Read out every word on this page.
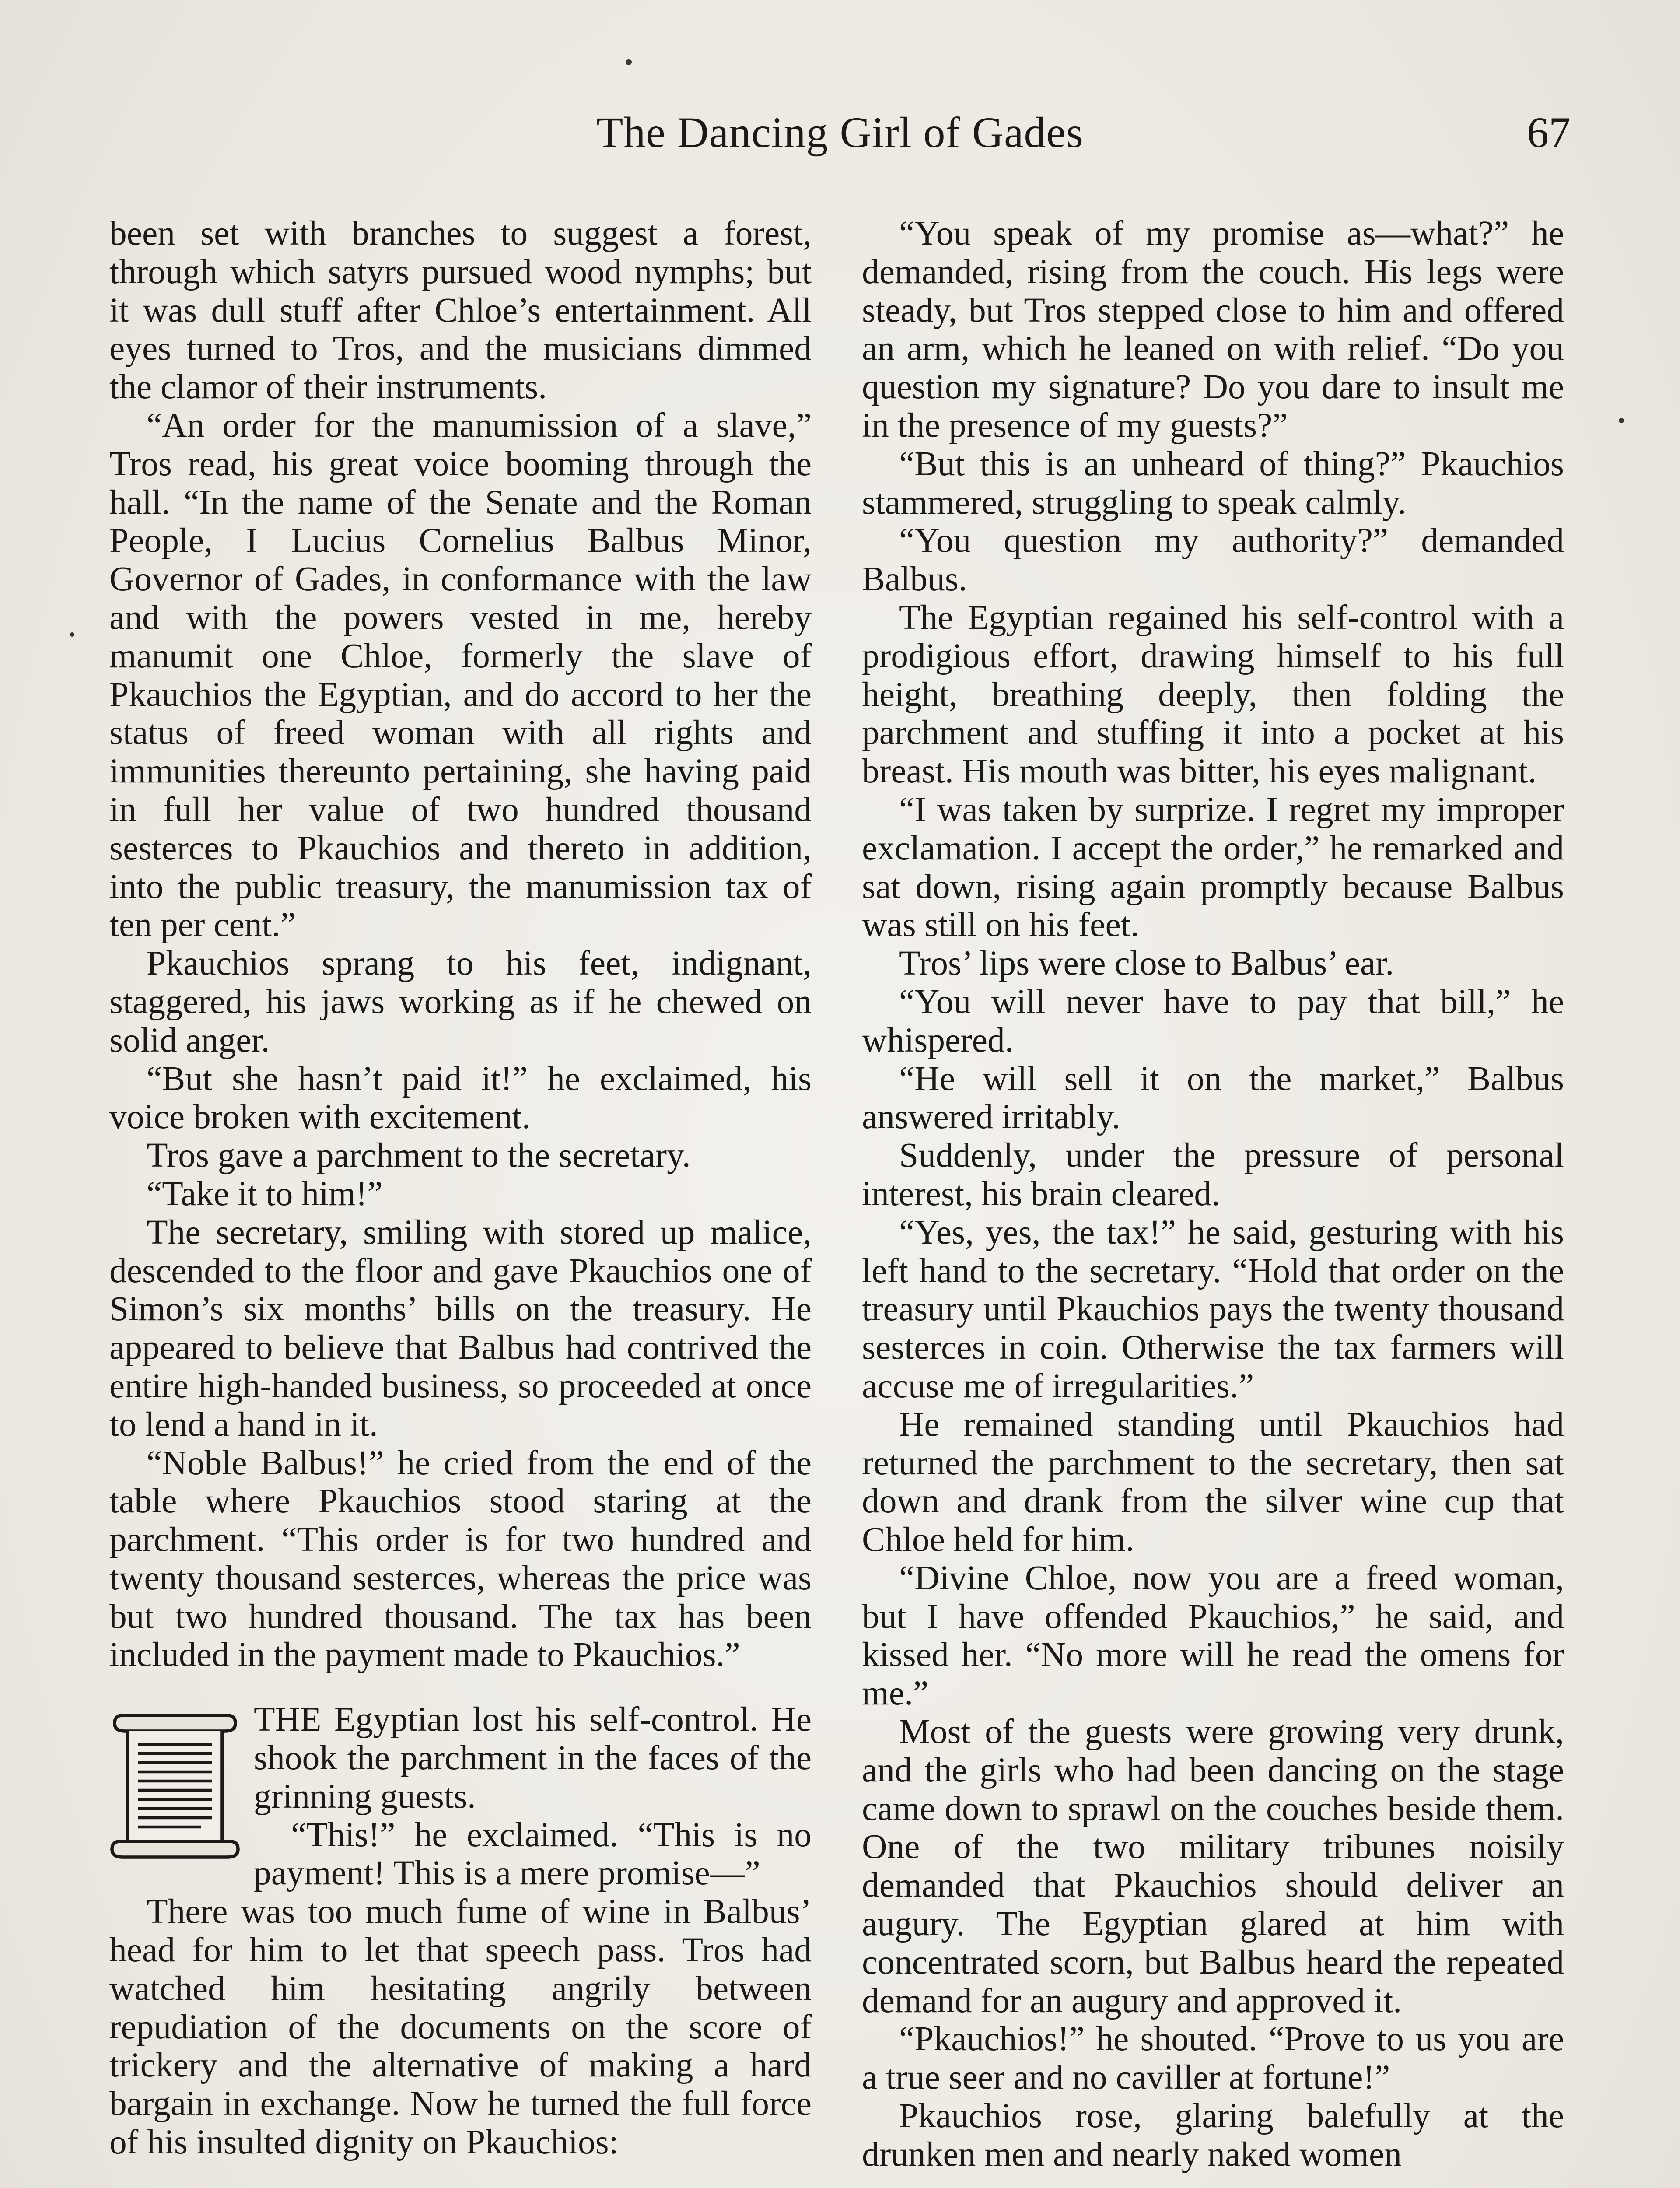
The Dancing Girl of Gades	67

been set with branches to suggest a forest, through which satyrs pursued wood nymphs; but it was dull stuff after Chloe’s entertainment. All eyes turned to Tros, and the musicians dimmed the clamor of their instruments.

“An order for the manumission of a slave,” Tros read, his great voice booming through the hall. “In the name of the Senate and the Roman People, I Lucius Cornelius Balbus Minor, Governor of Gades, in conformance with the law and with the powers vested in me, hereby manumit one Chloe, formerly the slave of Pkauchios the Egyptian, and do accord to her the status of freed woman with all rights and immunities thereunto pertaining, she having paid in full her value of two hundred thousand sesterces to Pkauchios and thereto in addition, into the public treasury, the manumission tax of ten per cent.”

Pkauchios sprang to his feet, indignant, staggered, his jaws working as if he chewed on solid anger.

“But she hasn’t paid it!” he exclaimed, his voice broken with excitement.

Tros gave a parchment to the secretary.

“Take it to him!”

The secretary, smiling with stored up malice, descended to the floor and gave Pkauchios one of Simon’s six months’ bills on the treasury. He appeared to believe that Balbus had contrived the entire high-handed business, so proceeded at once to lend a hand in it.

“Noble Balbus!” he cried from the end of the table where Pkauchios stood staring at the parchment. “This order is for two hundred and twenty thousand sesterces, whereas the price was but two hundred thousand. The tax has been included in the payment made to Pkauchios.”

THE Egyptian lost his self-control. He shook the parchment in the faces of the grinning guests.

“This!” he exclaimed. “This is no payment! This is a mere promise—”

There was too much fume of wine in Balbus’ head for him to let that speech pass. Tros had watched him hesitating angrily between repudiation of the documents on the score of trickery and the alternative of making a hard bargain in exchange. Now he turned the full force of his insulted dignity on Pkauchios:

“You speak of my promise as—what?” he demanded, rising from the couch. His legs were steady, but Tros stepped close to him and offered an arm, which he leaned on with relief. “Do you question my signature? Do you dare to insult me in the presence of my guests?”

“But this is an unheard of thing?” Pkauchios stammered, struggling to speak calmly.

“You question my authority?” demanded Balbus.

The Egyptian regained his self-control with a prodigious effort, drawing himself to his full height, breathing deeply, then folding the parchment and stuffing it into a pocket at his breast. His mouth was bitter, his eyes malignant.

“I was taken by surprize. I regret my improper exclamation. I accept the order,” he remarked and sat down, rising again promptly because Balbus was still on his feet.

Tros’ lips were close to Balbus’ ear.

“You will never have to pay that bill,” he whispered.

“He will sell it on the market,” Balbus answered irritably.

Suddenly, under the pressure of personal interest, his brain cleared.

“Yes, yes, the tax!” he said, gesturing with his left hand to the secretary. “Hold that order on the treasury until Pkauchios pays the twenty thousand sesterces in coin. Otherwise the tax farmers will accuse me of irregularities.”

He remained standing until Pkauchios had returned the parchment to the secretary, then sat down and drank from the silver wine cup that Chloe held for him.

“Divine Chloe, now you are a freed woman, but I have offended Pkauchios,” he said, and kissed her. “No more will he read the omens for me.”

Most of the guests were growing very drunk, and the girls who had been dancing on the stage came down to sprawl on the couches beside them. One of the two military tribunes noisily demanded that Pkauchios should deliver an augury. The Egyptian glared at him with concentrated scorn, but Balbus heard the repeated demand for an augury and approved it.

“Pkauchios!” he shouted. “Prove to us you are a true seer and no caviller at fortune!”

Pkauchios rose, glaring balefully at the drunken men and nearly naked women
